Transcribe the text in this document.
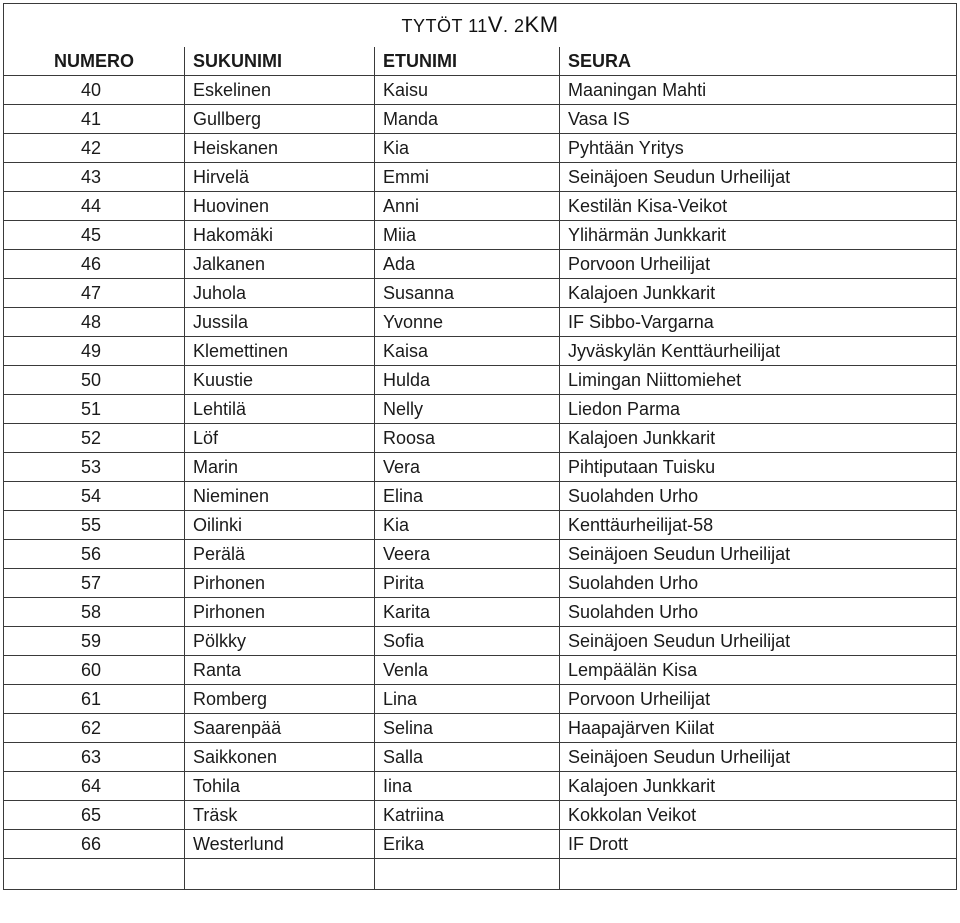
TYTÖT 11V. 2KM			
NUMERO	SUKUNIMI	ETUNIMI	SEURA
40	Eskelinen	Kaisu	Maaningan Mahti
41	Gullberg	Manda	Vasa IS
42	Heiskanen	Kia	Pyhtään Yritys
43	Hirvelä	Emmi	Seinäjoen Seudun Urheilijat
44	Huovinen	Anni	Kestilän Kisa-Veikot
45	Hakomäki	Miia	Ylihärmän Junkkarit
46	Jalkanen	Ada	Porvoon Urheilijat
47	Juhola	Susanna	Kalajoen Junkkarit
48	Jussila	Yvonne	IF Sibbo-Vargarna
49	Klemettinen	Kaisa	Jyväskylän Kenttäurheilijat
50	Kuustie	Hulda	Limingan Niittomiehet
51	Lehtilä	Nelly	Liedon Parma
52	Löf	Roosa	Kalajoen Junkkarit
53	Marin	Vera	Pihtiputaan Tuisku
54	Nieminen	Elina	Suolahden Urho
55	Oilinki	Kia	Kenttäurheilijat-58
56	Perälä	Veera	Seinäjoen Seudun Urheilijat
57	Pirhonen	Pirita	Suolahden Urho
58	Pirhonen	Karita	Suolahden Urho
59	Pölkky	Sofia	Seinäjoen Seudun Urheilijat
60	Ranta	Venla	Lempäälän Kisa
61	Romberg	Lina	Porvoon Urheilijat
62	Saarenpää	Selina	Haapajärven Kiilat
63	Saikkonen	Salla	Seinäjoen Seudun Urheilijat
64	Tohila	Iina	Kalajoen Junkkarit
65	Träsk	Katriina	Kokkolan Veikot
66	Westerlund	Erika	IF Drott
